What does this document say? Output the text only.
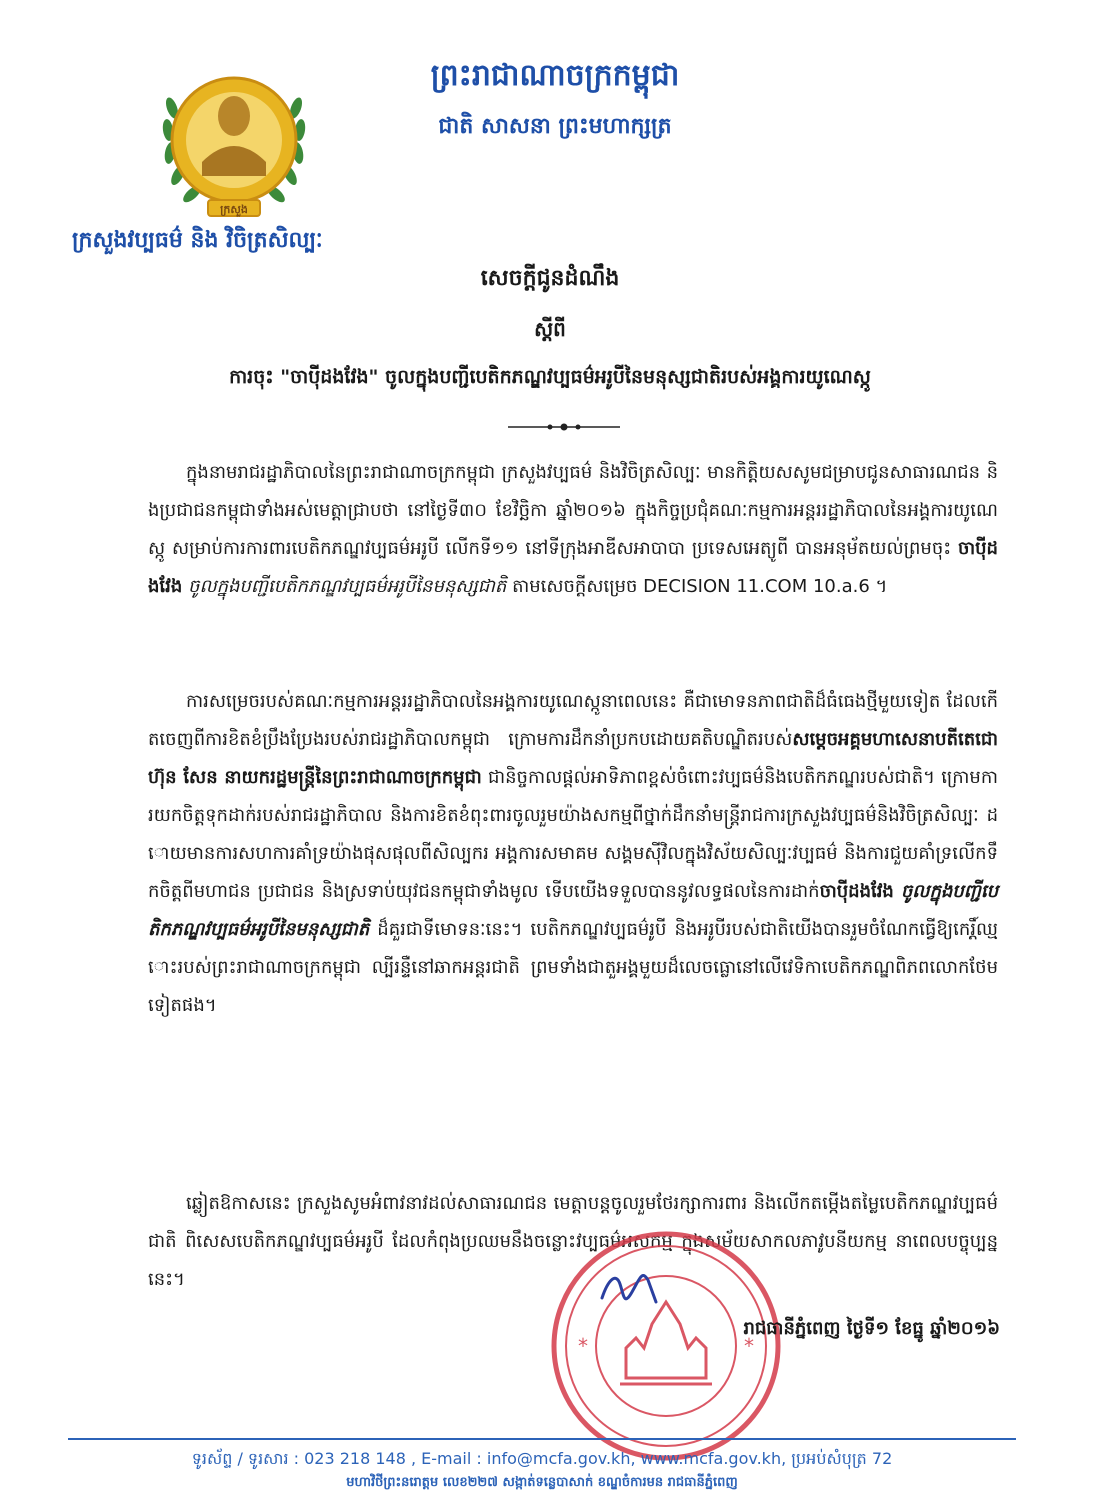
ក្រសួង
ព្រះរាជាណាចក្រកម្ពុជា
ជាតិ សាសនា ព្រះមហាក្សត្រ
ក្រសួងវប្បធម៌ និង វិចិត្រសិល្បៈ
សេចក្តីជូនដំណឹង
ស្តីពី
ការចុះ "ចាប៉ីដងវែង" ចូលក្នុងបញ្ជីបេតិកភណ្ឌវប្បធម៌អរូបីនៃមនុស្សជាតិរបស់អង្គការយូណេស្កូ
ក្នុងនាមរាជរដ្ឋាភិបាលនៃព្រះរាជាណាចក្រកម្ពុជា ក្រសួងវប្បធម៌ និងវិចិត្រសិល្បៈ មានកិត្តិយសសូមជម្រាបជូនសាធារណជន និងប្រជាជនកម្ពុជាទាំងអស់មេត្តាជ្រាបថា នៅថ្ងៃទី៣០ ខែវិច្ឆិកា ឆ្នាំ២០១៦ ក្នុងកិច្ចប្រជុំគណៈកម្មការអន្តររដ្ឋាភិបាលនៃអង្គការយូណេស្កូ សម្រាប់ការការពារបេតិកភណ្ឌវប្បធម៌អរូបី លើកទី១១ នៅទីក្រុងអាឌីសអាបាបា ប្រទេសអេត្យូពី បានអនុម័តយល់ព្រមចុះ ចាប៉ីដងវែង ចូលក្នុងបញ្ជីបេតិកភណ្ឌវប្បធម៌អរូបីនៃមនុស្សជាតិ តាមសេចក្តីសម្រេច DECISION 11.COM 10.a.6 ។
ការសម្រេចរបស់គណៈកម្មការអន្តររដ្ឋាភិបាលនៃអង្គការយូណេស្កូនាពេលនេះ គឺជាមោទនភាពជាតិដ៏ធំធេងថ្មីមួយទៀត ដែលកើតចេញពីការខិតខំប្រឹងប្រែងរបស់រាជរដ្ឋាភិបាលកម្ពុជា ក្រោមការដឹកនាំប្រកបដោយគតិបណ្ឌិតរបស់សម្តេចអគ្គមហាសេនាបតីតេជោ ហ៊ុន សែន នាយករដ្ឋមន្ត្រីនៃព្រះរាជាណាចក្រកម្ពុជា ជានិច្ចកាលផ្តល់អាទិភាពខ្ពស់ចំពោះវប្បធម៌និងបេតិកភណ្ឌរបស់ជាតិ។ ក្រោមការយកចិត្តទុកដាក់របស់រាជរដ្ឋាភិបាល និងការខិតខំពុះពារចូលរួមយ៉ាងសកម្មពីថ្នាក់ដឹកនាំមន្ត្រីរាជការក្រសួងវប្បធម៌និងវិចិត្រសិល្បៈ ដោយមានការសហការគាំទ្រយ៉ាងផុសផុលពីសិល្បករ អង្គការសមាគម សង្គមស៊ីវិលក្នុងវិស័យសិល្បៈវប្បធម៌ និងការជួយគាំទ្រលើកទឹកចិត្តពីមហាជន ប្រជាជន និងស្រទាប់យុវជនកម្ពុជាទាំងមូល ទើបយើងទទួលបាននូវលទ្ធផលនៃការដាក់ចាប៉ីដងវែង ចូលក្នុងបញ្ជីបេតិកភណ្ឌវប្បធម៌អរូបីនៃមនុស្សជាតិ ដ៏គួរជាទីមោទនៈនេះ។ បេតិកភណ្ឌវប្បធម៌រូបី និងអរូបីរបស់ជាតិយើងបានរួមចំណែកធ្វើឱ្យកេរ្តិ៍ឈ្មោះរបស់ព្រះរាជាណាចក្រកម្ពុជា ល្បីរន្ទឺនៅឆាកអន្តរជាតិ ព្រមទាំងជាតួអង្គមួយដ៏លេចធ្លោនៅលើវេទិកាបេតិកភណ្ឌពិភពលោកថែមទៀតផង។
ឆ្លៀតឱកាសនេះ ក្រសួងសូមអំពាវនាវដល់សាធារណជន មេត្តាបន្តចូលរួមថែរក្សាការពារ និងលើកតម្កើងតម្លៃបេតិកភណ្ឌវប្បធម៌ជាតិ ពិសេសបេតិកភណ្ឌវប្បធម៌អរូបី ដែលកំពុងប្រឈមនឹងចន្លោះវប្បធម៌អសកម្ម ក្នុងសម័យសាកលភាវូបនីយកម្ម នាពេលបច្ចុប្បន្ននេះ។
*	*
រាជធានីភ្នំពេញ ថ្ងៃទី១ ខែធ្នូ ឆ្នាំ២០១៦
ទូរស័ព្ទ / ទូរសារ : 023 218 148 , E-mail : info@mcfa.gov.kh, www.mcfa.gov.kh, ប្រអប់សំបុត្រ 72
មហាវិថីព្រះនរោត្តម លេខ២២៧ សង្កាត់ទន្លេបាសាក់ ខណ្ឌចំការមន រាជធានីភ្នំពេញ
